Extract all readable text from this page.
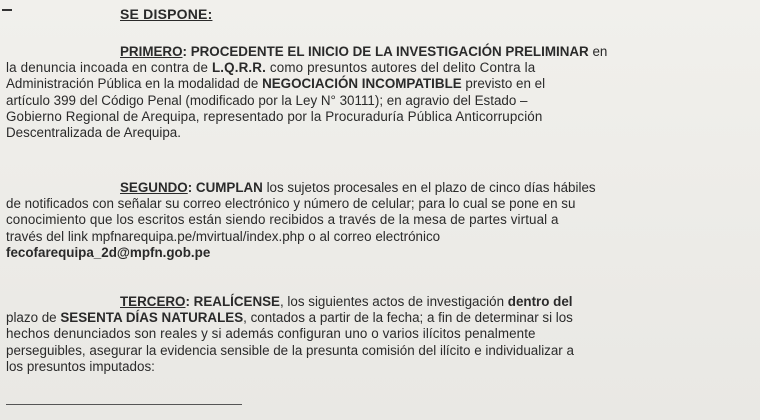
SE DISPONE:
PRIMERO: PROCEDENTE EL INICIO DE LA INVESTIGACIÓN PRELIMINAR en
la denuncia incoada en contra de L.Q.R.R. como presuntos autores del delito Contra la
Administración Pública en la modalidad de NEGOCIACIÓN INCOMPATIBLE previsto en el
artículo 399 del Código Penal (modificado por la Ley N° 30111); en agravio del Estado –
Gobierno Regional de Arequipa, representado por la Procuraduría Pública Anticorrupción
Descentralizada de Arequipa.
SEGUNDO: CUMPLAN los sujetos procesales en el plazo de cinco días hábiles
de notificados con señalar su correo electrónico y número de celular; para lo cual se pone en su
conocimiento que los escritos están siendo recibidos a través de la mesa de partes virtual a
través del link mpfnarequipa.pe/mvirtual/index.php o al correo electrónico
fecofarequipa_2d@mpfn.gob.pe
TERCERO: REALÍCENSE, los siguientes actos de investigación dentro del
plazo de SESENTA DÍAS NATURALES, contados a partir de la fecha; a fin de determinar si los
hechos denunciados son reales y si además configuran uno o varios ilícitos penalmente
perseguibles, asegurar la evidencia sensible de la presunta comisión del ilícito e individualizar a
los presuntos imputados:
